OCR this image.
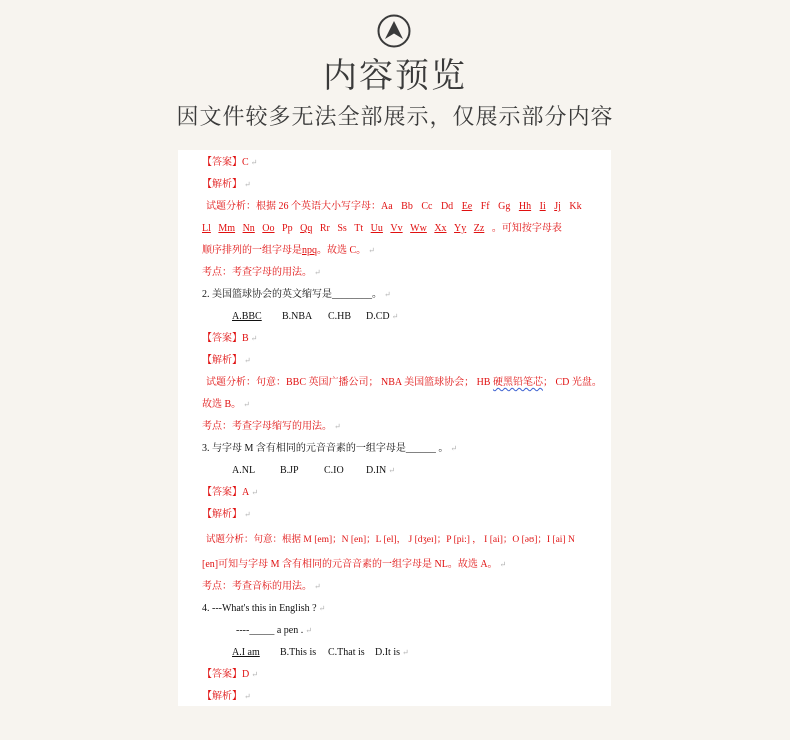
内容预览
因文件较多无法全部展示，仅展示部分内容
【答案】C ↵
【解析】 ↵
试题分析：根据 26 个英语大小写字母：Aa Bb Cc Dd Ee Ff Gg Hh Ii Jj Kk
Ll Mm Nn Oo Pp Qq Rr Ss Tt Uu Vv Ww Xx Yy Zz 。可知按字母表
顺序排列的一组字母是npq。故选 C。 ↵
考点：考查字母的用法。 ↵
2. 美国篮球协会的英文缩写是________。 ↵
A.BBC B.NBA C.HB D.CD ↵
【答案】B ↵
【解析】 ↵
试题分析：句意：BBC 英国广播公司； NBA 美国篮球协会； HB 硬黑铅笔芯； CD 光盘。
故选 B。 ↵
考点：考查字母缩写的用法。 ↵
3. 与字母 M 含有相同的元音音素的一组字母是______ 。 ↵
A.NL B.JP	C.IO D.IN ↵
【答案】A ↵
【解析】 ↵
试题分析：句意：根据 M [em]；N [en]；L [el]， J [dʒeɪ]；P [pi:] ， I [ai]；O [əʊ]；I [ai] N
[en]可知与字母 M 含有相同的元音音素的一组字母是 NL。故选 A。 ↵
考点：考查音标的用法。 ↵
4. ---What's this in English ? ↵
----_____ a pen . ↵
A.I am B.This is C.That is D.It is ↵
【答案】D ↵
【解析】 ↵
